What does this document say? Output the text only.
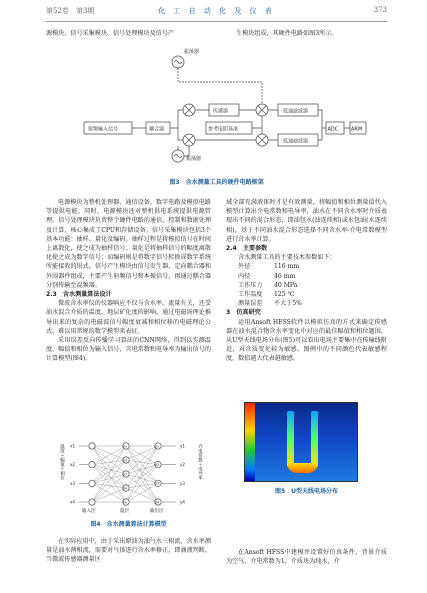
第52卷　第3期	化 工 自 动 化 及 仪 表	373

源模块、信号采集模块、信号处理模块及信号产	生模块组成，其硬件电路如图3所示。

振荡器
射频输入信号	耦合器
传感器
参考电阻基准
低通滤波器
低通滤波器
ADC	ARM
振荡器
图3　含水测量工具的硬件电路框架

电源模块为整机处理器、通信设备、数字电路及模拟电路等提供电能。同时，电源模块还对整机供电系统提供电源管理。信号处理模块负责整个硬件电路的通信、控制和数据处理及计算，核心集成了CPU和存储设备。信号采集模块包括3个基本功能：抽样、量化及编码。抽样过程是将模拟信号在时间上离散化，使之成为抽样信号；量化是将抽样信号的幅度离散化使之成为数字信号；而编码则是将数字信号转换成数字系统所能接收的形式。信号产生模块由信号发生器、定向耦合器和外围器件组成，主要产生射频信号和本振信号，再通过耦合器分别传输至混频器。

2.3　含水测量算法设计

微波含水率仪的仪器响应不仅与含水率、流量有关，还受油水混合介质的温度、地层矿化度的影响，通过电磁场理论推导出来的复杂的电磁波信号幅度衰减和相位移的电磁理论公式，难以用常规的数学模型来表征。

采用误差反向传播学习算法的CNN网络，得到以实测温度、幅值和相位为输入信号，含电常数和电导率为输出信号的计算模型(图4)。

温度＋幅值＋相位	介电常数＋电导率
输入层	隐层	输出层
x1
x2
x3
x4
h1
h2
h3
h4
hn
o1
o2
o3
o4
y1
y2
y3
y4
图4　含水测量算法计算模型

在实际应用中，由于采出原油为油气水三相流，含水率测量是油水两相流，需要对气体进行含水率修正，即滴液判断，当微波传感器测量区

域全部充满液体时才是有效测量，将幅值和相位测量值代入模型计算出介电常数和电导率，油水在不同含水率时介质表现出不同的混合形态，即油包水(油连续相)或水包油(水连续相)，基于不同油水混合形态选择不同含水率-介电常数模型进行含水率计算。

2.4　主要参数

含水测量工具的主要技术参数如下：

外径	116 mm
内径	46 mm
工作压力	40 MPa
工作温度	125 ℃
测量误差	不大于5%
3　仿真研究

运用Ansoft HFSS软件以模拟仿真的方式来确定传感器在油水混合物含水率变化中对应的最佳幅值和相位题围，从U型天线电场分布(图5)可以看出电场主要集中在传输线附近，对含质变化较为敏感。图例中的不同颜色代表敏感程度，数值越大代表越敏感。

图5　U型天线电场分布

在Ansoft HFSS中建模并设置好仿真条件，背景介质为空气，介电常数为1，介质块为纯水，介
